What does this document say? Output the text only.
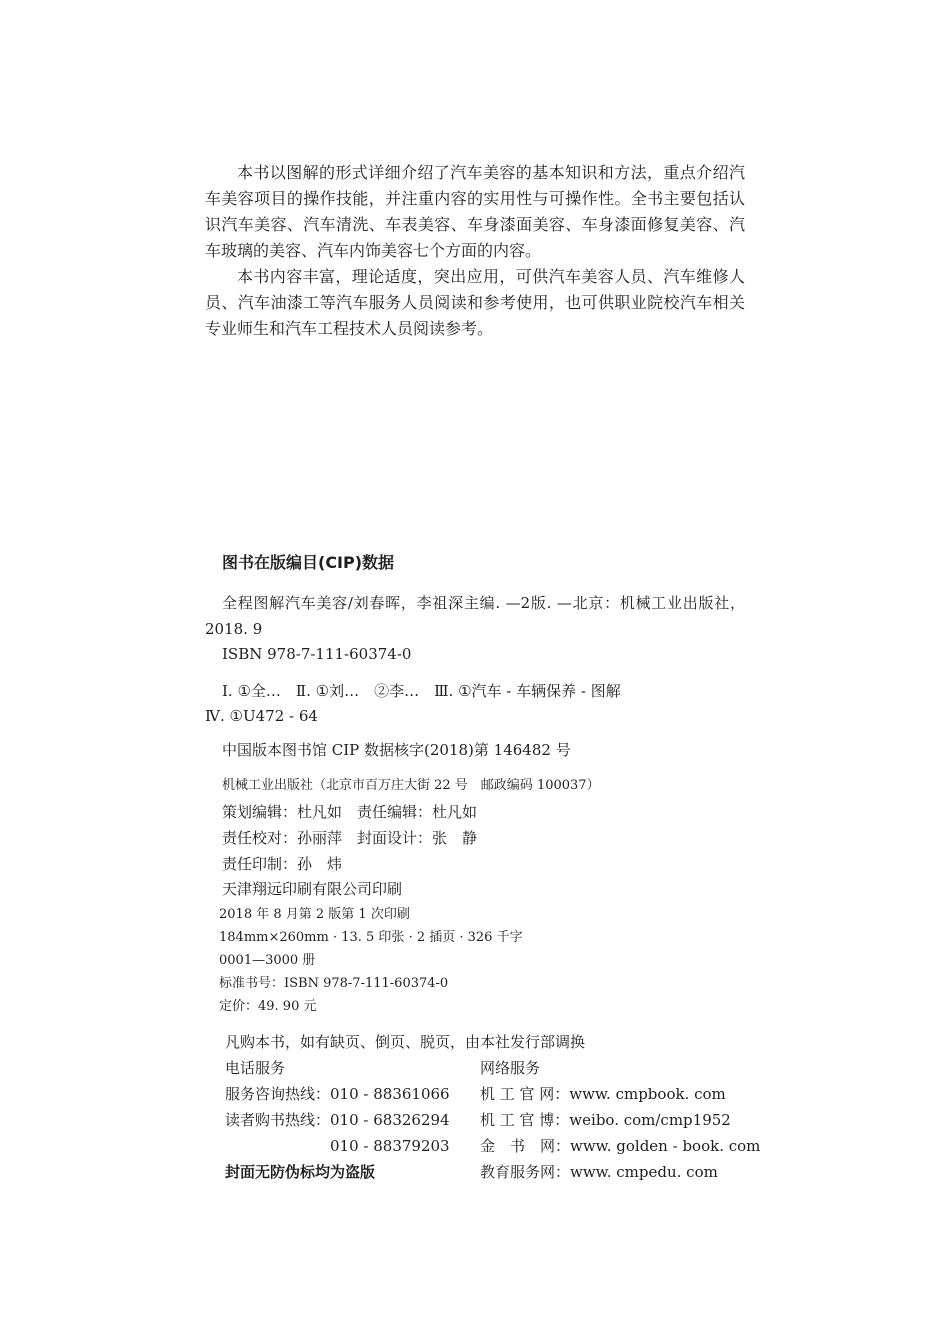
本书以图解的形式详细介绍了汽车美容的基本知识和方法，重点介绍汽车美容项目的操作技能，并注重内容的实用性与可操作性。全书主要包括认识汽车美容、汽车清洗、车表美容、车身漆面美容、车身漆面修复美容、汽车玻璃的美容、汽车内饰美容七个方面的内容。

本书内容丰富，理论适度，突出应用，可供汽车美容人员、汽车维修人员、汽车油漆工等汽车服务人员阅读和参考使用，也可供职业院校汽车相关专业师生和汽车工程技术人员阅读参考。

图书在版编目(CIP)数据
全程图解汽车美容/刘春晖，李祖深主编. —2版. —北京：机械工业出版社，2018. 9
ISBN 978-7-111-60374-0
Ⅰ. ①全…　Ⅱ. ①刘…　②李…　Ⅲ. ①汽车 - 车辆保养 - 图解
Ⅳ. ①U472 - 64
中国版本图书馆 CIP 数据核字(2018)第 146482 号
机械工业出版社（北京市百万庄大街 22 号　邮政编码 100037）
策划编辑：杜凡如　责任编辑：杜凡如
责任校对：孙丽萍　封面设计：张　静
责任印制：孙　炜
天津翔远印刷有限公司印刷
2018 年 8 月第 2 版第 1 次印刷
184mm×260mm · 13. 5 印张 · 2 插页 · 326 千字
0001—3000 册
标准书号：ISBN 978-7-111-60374-0
定价：49. 90 元
凡购本书，如有缺页、倒页、脱页，由本社发行部调换
电话服务
服务咨询热线：010 - 88361066
读者购书热线：010 - 68326294
　　　　　　　010 - 88379203
封面无防伪标均为盗版
网络服务
机 工 官 网：www. cmpbook. com
机 工 官 博：weibo. com/cmp1952
金　书　网：www. golden - book. com
教育服务网：www. cmpedu. com
